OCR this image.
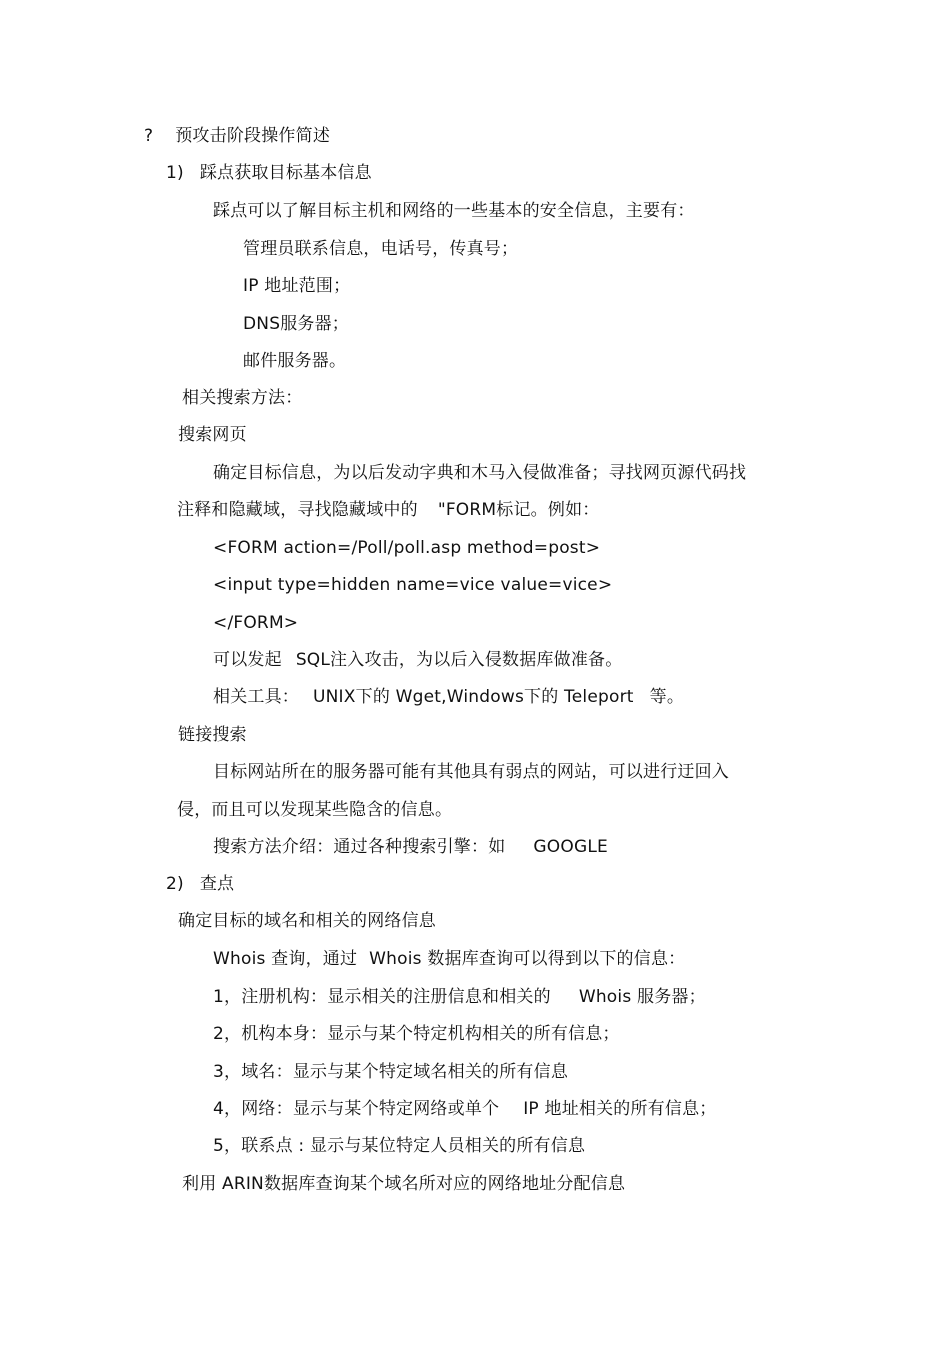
? 预攻击阶段操作简述
1) 踩点获取目标基本信息
踩点可以了解目标主机和网络的一些基本的安全信息，主要有：
管理员联系信息，电话号，传真号；
IP 地址范围；
DNS服务器；
邮件服务器。
相关搜索方法：
搜索网页
确定目标信息，为以后发动字典和木马入侵做准备；寻找网页源代码找
注释和隐藏域，寻找隐藏域中的 "FORM标记。例如：
<FORM action=/Poll/poll.asp method=post>
<input type=hidden name=vice value=vice>
</FORM>
可以发起 SQL注入攻击，为以后入侵数据库做准备。
相关工具： UNIX下的 Wget,Windows下的 Teleport 等。
链接搜索
目标网站所在的服务器可能有其他具有弱点的网站，可以进行迂回入
侵，而且可以发现某些隐含的信息。
搜索方法介绍：通过各种搜索引擎：如 GOOGLE
2) 查点
确定目标的域名和相关的网络信息
Whois 查询，通过 Whois 数据库查询可以得到以下的信息：
1，注册机构：显示相关的注册信息和相关的 Whois 服务器；
2，机构本身：显示与某个特定机构相关的所有信息；
3，域名：显示与某个特定域名相关的所有信息
4，网络：显示与某个特定网络或单个 IP 地址相关的所有信息；
5，联系点 : 显示与某位特定人员相关的所有信息
利用 ARIN数据库查询某个域名所对应的网络地址分配信息
